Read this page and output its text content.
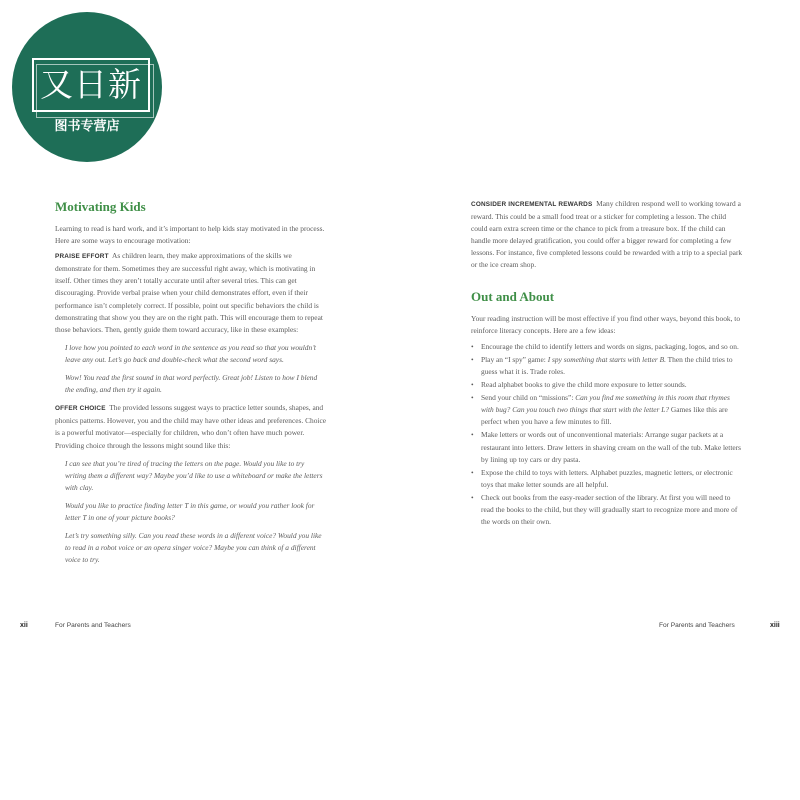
又日新
图书专营店
Motivating Kids

Learning to read is hard work, and it’s important to help kids stay motivated in the process. Here are some ways to encourage motivation:

PRAISE EFFORT As children learn, they make approximations of the skills we demonstrate for them. Sometimes they are successful right away, which is motivating in itself. Other times they aren’t totally accurate until after several tries. This can get discouraging. Provide verbal praise when your child demonstrates effort, even if their performance isn’t completely correct. If possible, point out specific behaviors the child is demonstrating that show you they are on the right path. This will encourage them to repeat those behaviors. Then, gently guide them toward accuracy, like in these examples:

I love how you pointed to each word in the sentence as you read so that you wouldn’t leave any out. Let’s go back and double-check what the second word says.

Wow! You read the first sound in that word perfectly. Great job! Listen to how I blend the ending, and then try it again.

OFFER CHOICE The provided lessons suggest ways to practice letter sounds, shapes, and phonics patterns. However, you and the child may have other ideas and preferences. Choice is a powerful motivator—especially for children, who don’t often have much power. Providing choice through the lessons might sound like this:

I can see that you’re tired of tracing the letters on the page. Would you like to try writing them a different way? Maybe you’d like to use a whiteboard or make the letters with clay.

Would you like to practice finding letter T in this game, or would you rather look for letter T in one of your picture books?

Let’s try something silly. Can you read these words in a different voice? Would you like to read in a robot voice or an opera singer voice? Maybe you can think of a different voice to try.

CONSIDER INCREMENTAL REWARDS Many children respond well to working toward a reward. This could be a small food treat or a sticker for completing a lesson. The child could earn extra screen time or the chance to pick from a treasure box. If the child can handle more delayed gratification, you could offer a bigger reward for completing a few lessons. For instance, five completed lessons could be rewarded with a trip to a special park or the ice cream shop.

Out and About

Your reading instruction will be most effective if you find other ways, beyond this book, to reinforce literacy concepts. Here are a few ideas:

• Encourage the child to identify letters and words on signs, packaging, logos, and so on.
• Play an “I spy” game: I spy something that starts with letter B. Then the child tries to guess what it is. Trade roles.
• Read alphabet books to give the child more exposure to letter sounds.
• Send your child on “missions”: Can you find me something in this room that rhymes with bug? Can you touch two things that start with the letter L? Games like this are perfect when you have a few minutes to fill.
• Make letters or words out of unconventional materials: Arrange sugar packets at a restaurant into letters. Draw letters in shaving cream on the wall of the tub. Make letters by lining up toy cars or dry pasta.
• Expose the child to toys with letters. Alphabet puzzles, magnetic letters, or electronic toys that make letter sounds are all helpful.
• Check out books from the easy-reader section of the library. At first you will need to read the books to the child, but they will gradually start to recognize more and more of the words on their own.
xii	For Parents and Teachers	For Parents and Teachers	xiii
